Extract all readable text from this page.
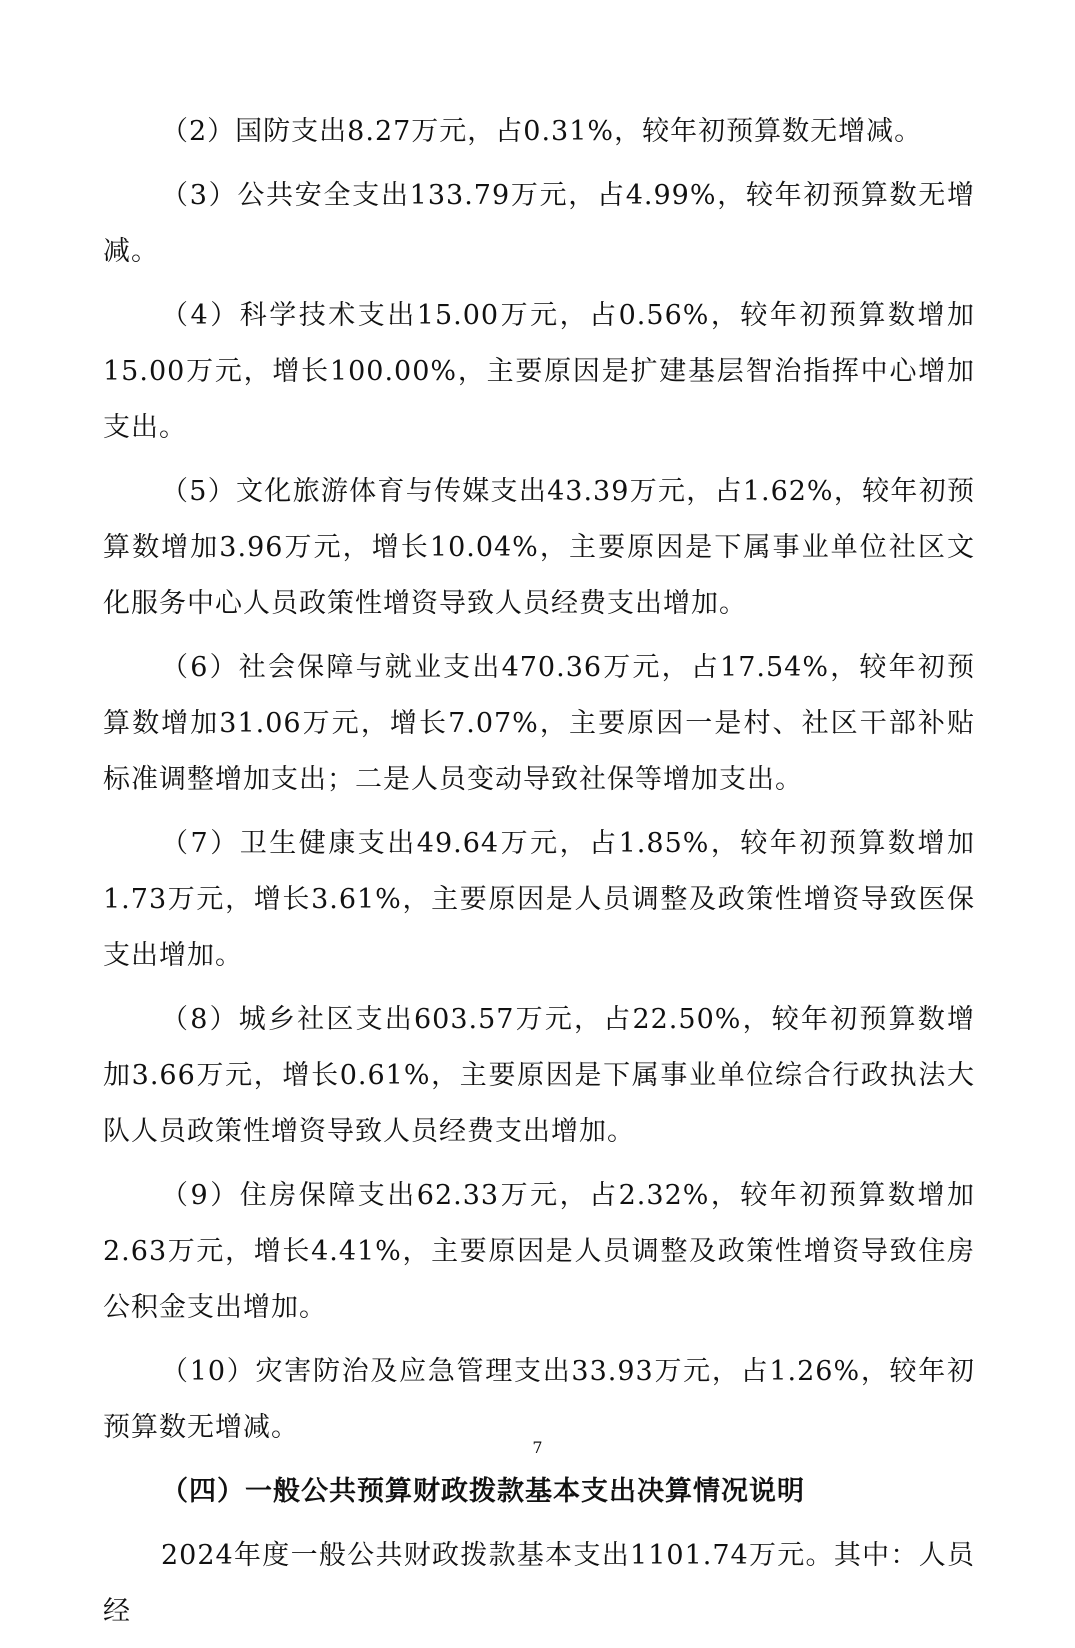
（2）国防支出8.27万元，占0.31%，较年初预算数无增减。

（3）公共安全支出133.79万元，占4.99%，较年初预算数无增减。

（4）科学技术支出15.00万元，占0.56%，较年初预算数增加15.00万元，增长100.00%，主要原因是扩建基层智治指挥中心增加支出。

（5）文化旅游体育与传媒支出43.39万元，占1.62%，较年初预算数增加3.96万元，增长10.04%，主要原因是下属事业单位社区文化服务中心人员政策性增资导致人员经费支出增加。

（6）社会保障与就业支出470.36万元，占17.54%，较年初预算数增加31.06万元，增长7.07%，主要原因一是村、社区干部补贴标准调整增加支出；二是人员变动导致社保等增加支出。

（7）卫生健康支出49.64万元，占1.85%，较年初预算数增加1.73万元，增长3.61%，主要原因是人员调整及政策性增资导致医保支出增加。

（8）城乡社区支出603.57万元，占22.50%，较年初预算数增加3.66万元，增长0.61%，主要原因是下属事业单位综合行政执法大队人员政策性增资导致人员经费支出增加。

（9）住房保障支出62.33万元，占2.32%，较年初预算数增加2.63万元，增长4.41%，主要原因是人员调整及政策性增资导致住房公积金支出增加。

（10）灾害防治及应急管理支出33.93万元，占1.26%，较年初预算数无增减。

（四）一般公共预算财政拨款基本支出决算情况说明

2024年度一般公共财政拨款基本支出1101.74万元。其中：人员经

7
